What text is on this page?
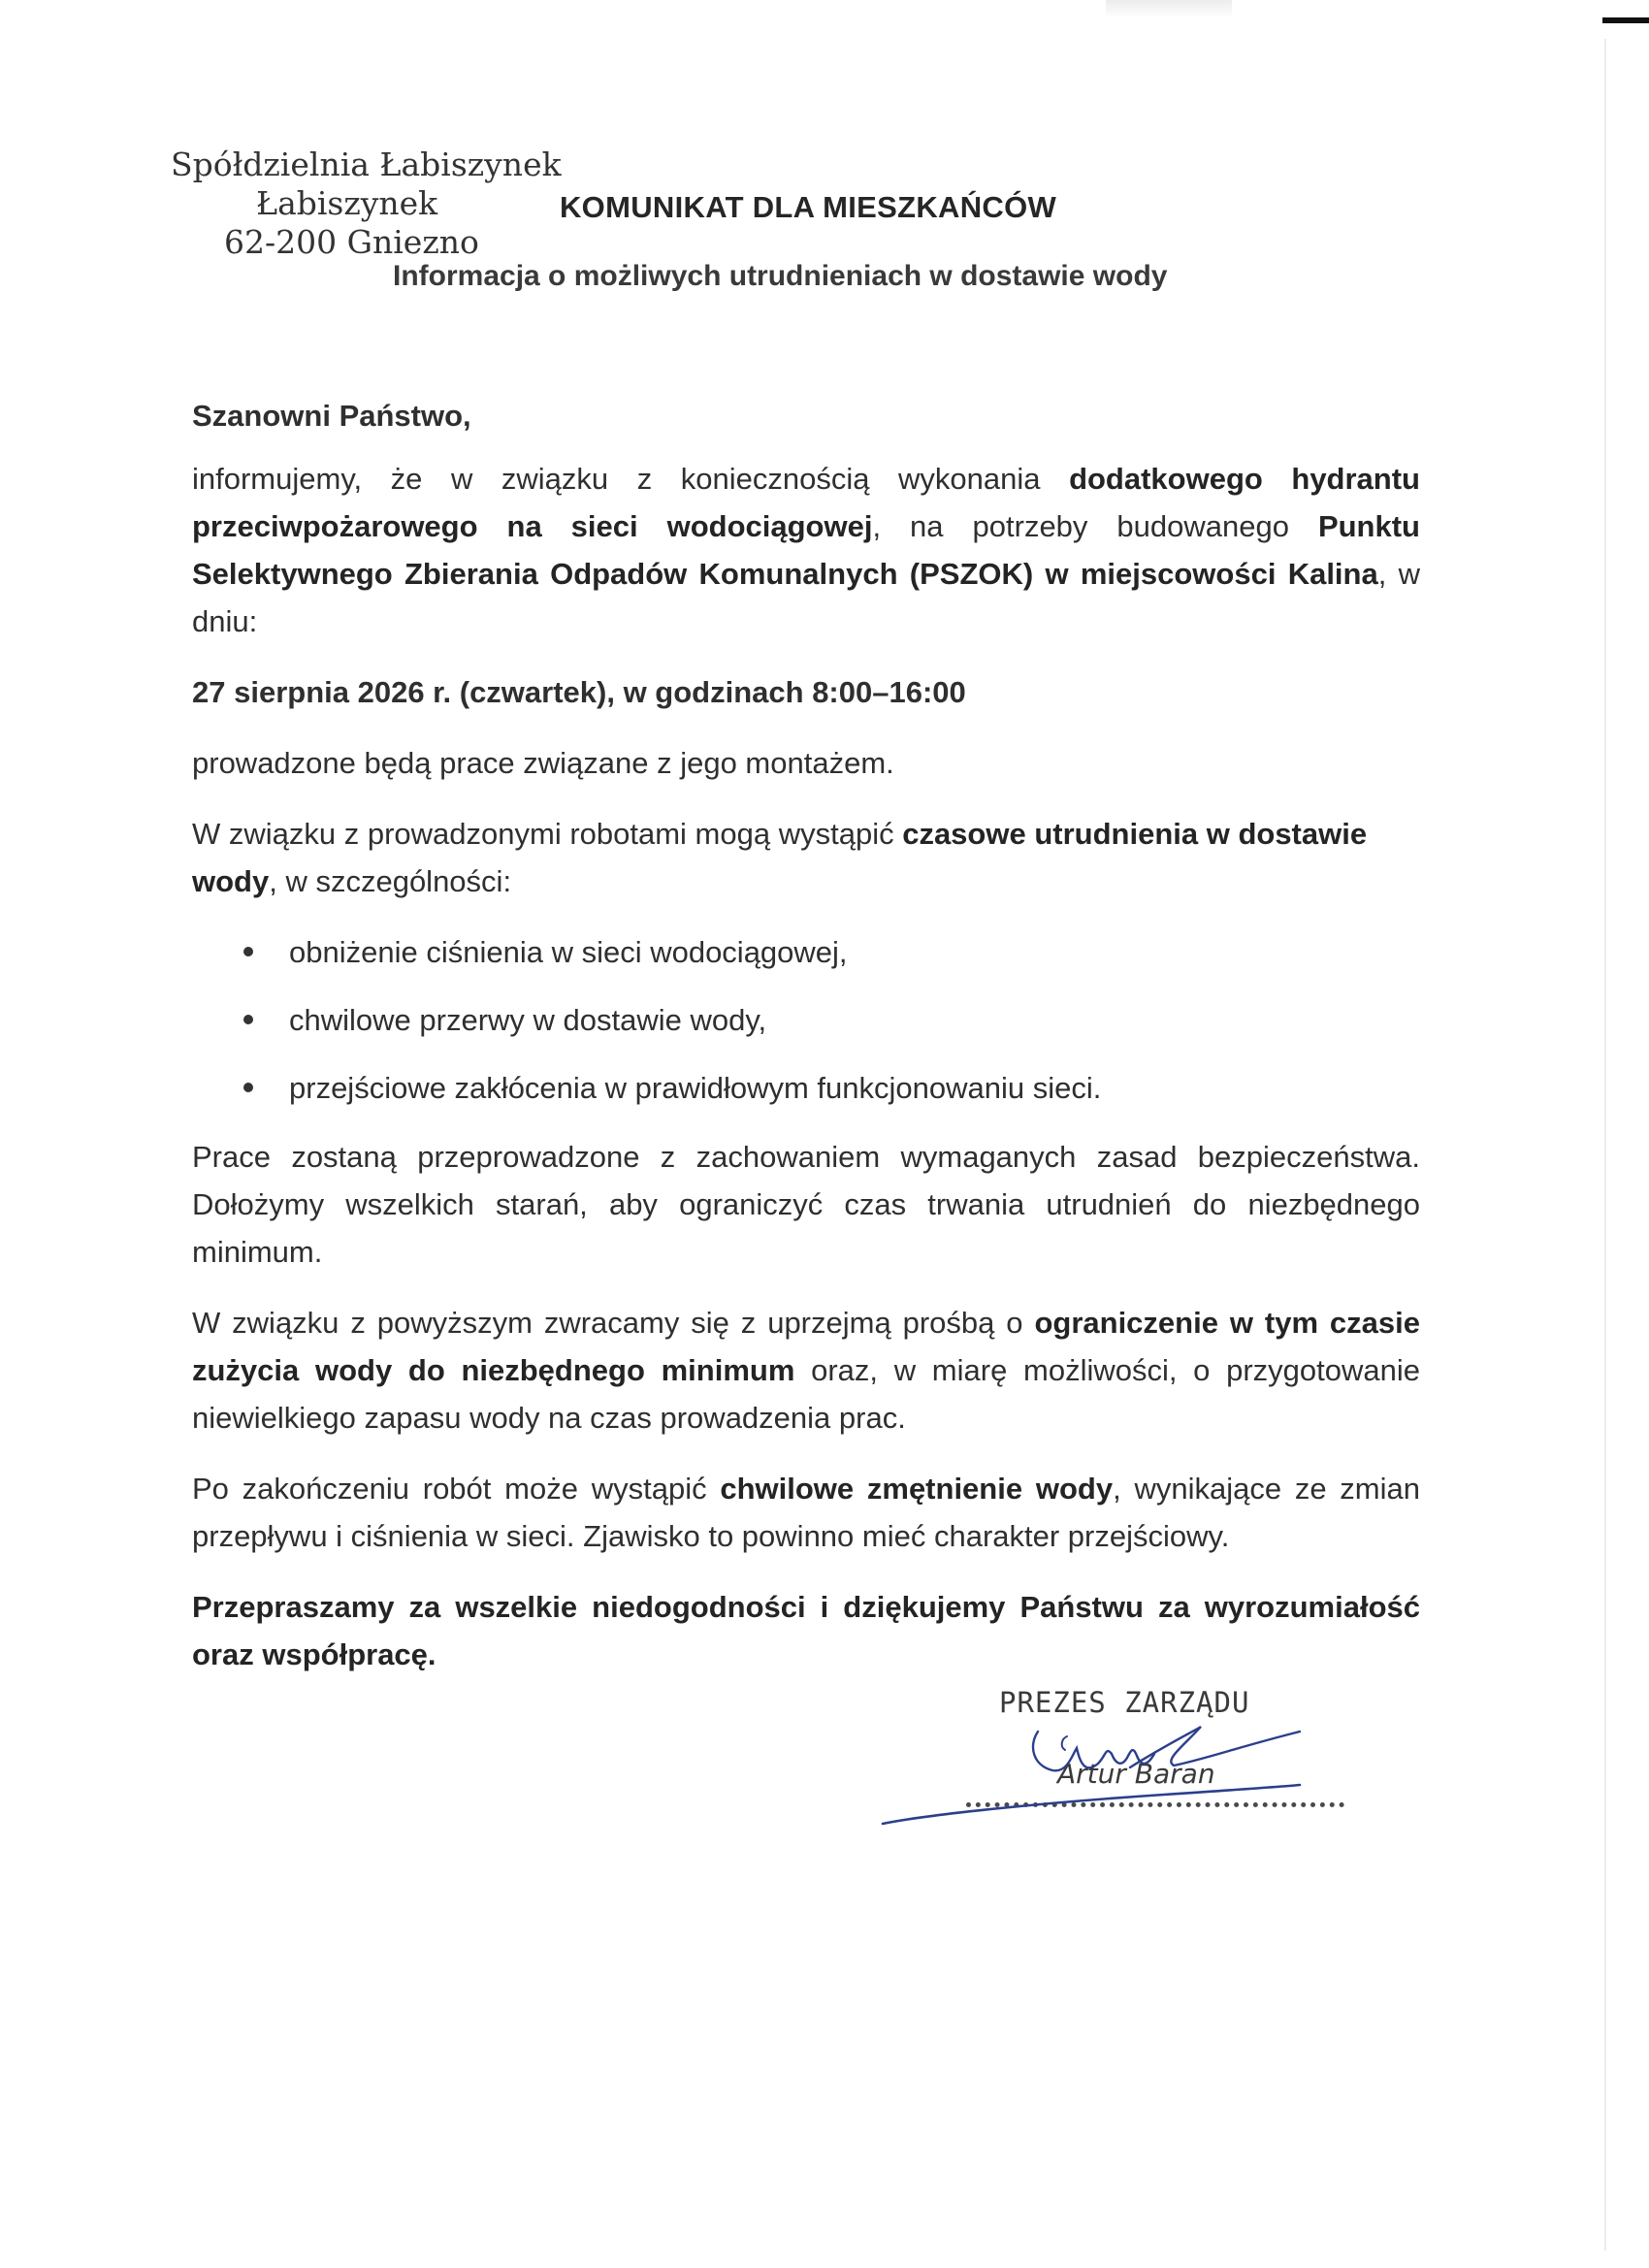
Spółdzielnia Łabiszynek
Łabiszynek
62-200 Gniezno
KOMUNIKAT DLA MIESZKAŃCÓW
Informacja o możliwych utrudnieniach w dostawie wody

Szanowni Państwo,

informujemy, że w związku z koniecznością wykonania dodatkowego hydrantu przeciwpożarowego na sieci wodociągowej, na potrzeby budowanego Punktu Selektywnego Zbierania Odpadów Komunalnych (PSZOK) w miejscowości Kalina, w dniu:

27 sierpnia 2026 r. (czwartek), w godzinach 8:00–16:00

prowadzone będą prace związane z jego montażem.

W związku z prowadzonymi robotami mogą wystąpić czasowe utrudnienia w dostawie wody, w szczególności:

obniżenie ciśnienia w sieci wodociągowej,
chwilowe przerwy w dostawie wody,
przejściowe zakłócenia w prawidłowym funkcjonowaniu sieci.

Prace zostaną przeprowadzone z zachowaniem wymaganych zasad bezpieczeństwa. Dołożymy wszelkich starań, aby ograniczyć czas trwania utrudnień do niezbędnego minimum.

W związku z powyższym zwracamy się z uprzejmą prośbą o ograniczenie w tym czasie zużycia wody do niezbędnego minimum oraz, w miarę możliwości, o przygotowanie niewielkiego zapasu wody na czas prowadzenia prac.

Po zakończeniu robót może wystąpić chwilowe zmętnienie wody, wynikające ze zmian przepływu i ciśnienia w sieci. Zjawisko to powinno mieć charakter przejściowy.

Przepraszamy za wszelkie niedogodności i dziękujemy Państwu za wyrozumiałość oraz współpracę.

PREZES ZARZĄDU
Artur Baran
